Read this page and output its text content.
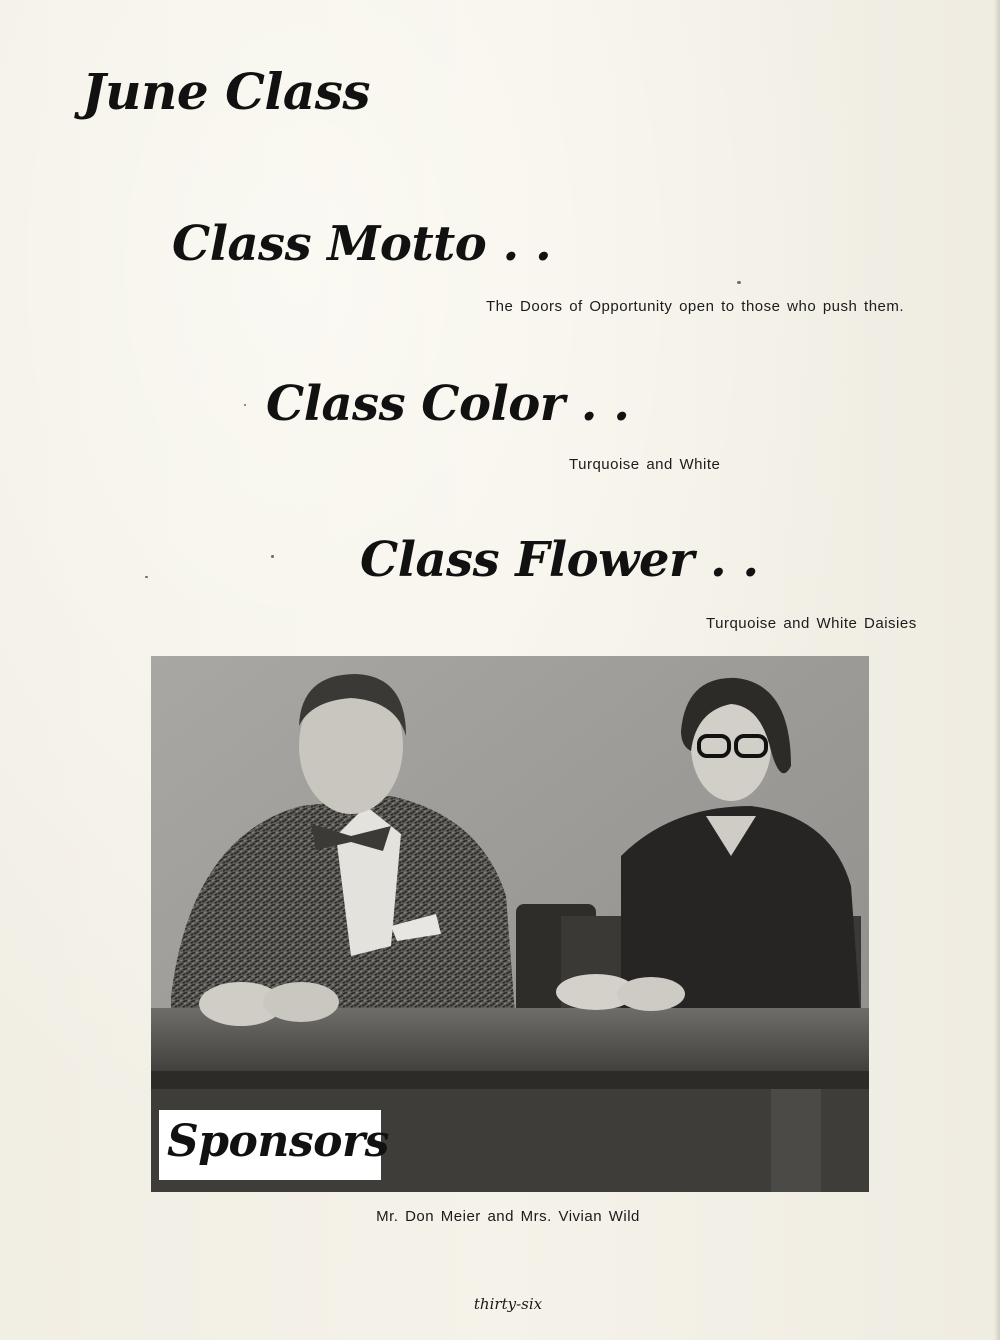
June Class
Class Motto . .
The Doors of Opportunity open to those who push them.
Class Color . .
Turquoise and White
Class Flower . .
Turquoise and White Daisies
Sponsors
Mr. Don Meier and Mrs. Vivian Wild
thirty-six
